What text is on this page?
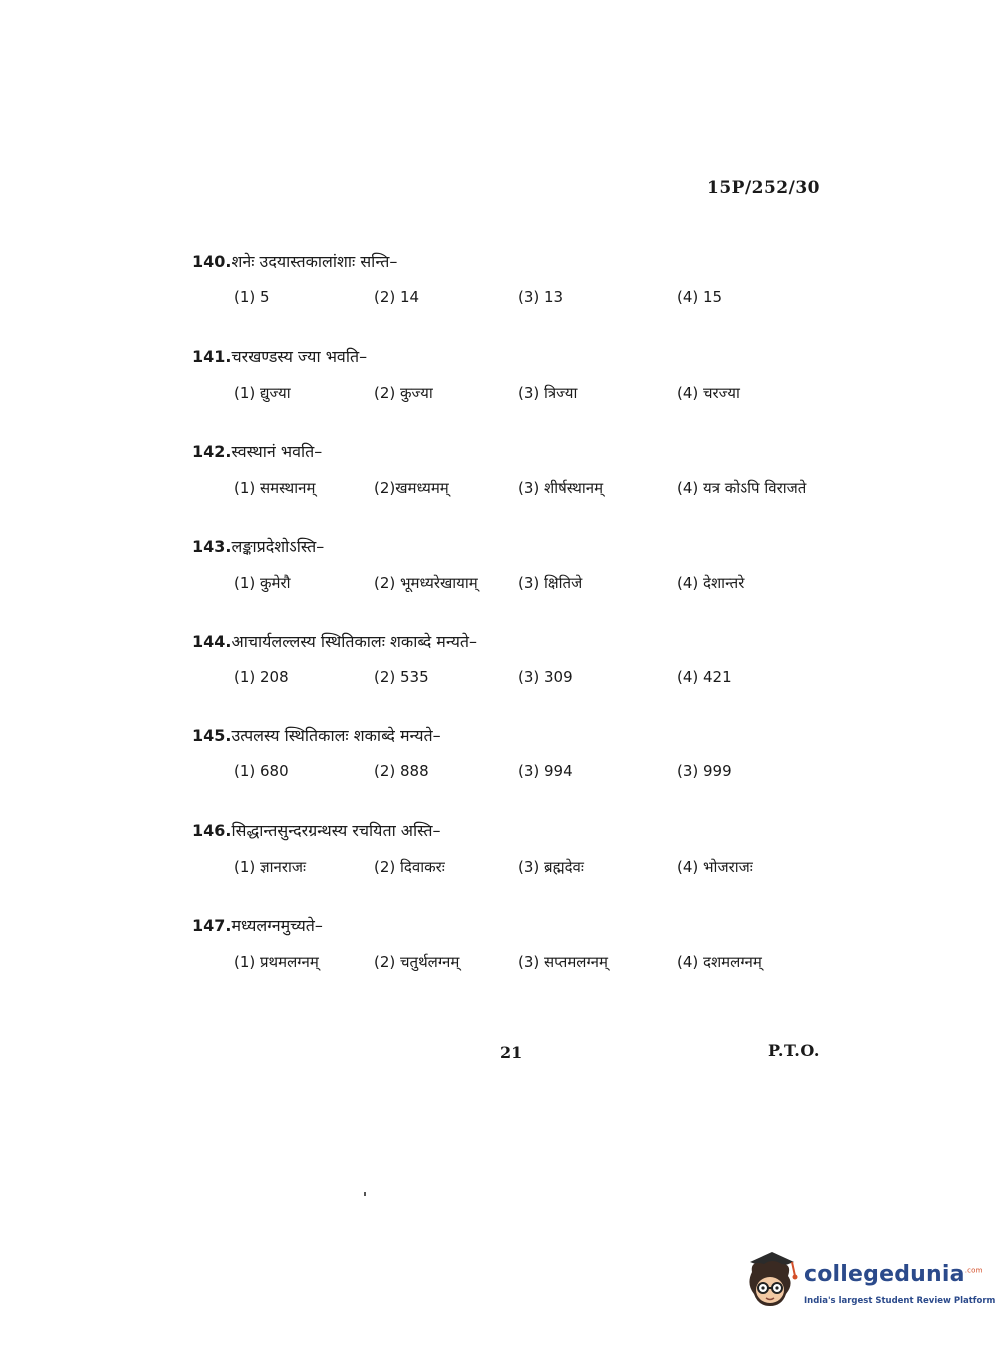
15P/252/30
140.शनेः उदयास्तकालांशाः सन्ति–
(1) 5	(2) 14	(3) 13	(4) 15
141.चरखण्डस्य ज्या भवति–
(1) द्युज्या	(2) कुज्या	(3) त्रिज्या	(4) चरज्या
142.स्वस्थानं भवति–
(1) समस्थानम्	(2)खमध्यमम्	(3) शीर्षस्थानम्	(4) यत्र कोऽपि विराजते
143.लङ्काप्रदेशोऽस्ति–
(1) कुमेरौ	(2) भूमध्यरेखायाम्	(3) क्षितिजे	(4) देशान्तरे
144.आचार्यलल्लस्य स्थितिकालः शकाब्दे मन्यते–
(1) 208	(2) 535	(3) 309	(4) 421
145.उत्पलस्य स्थितिकालः शकाब्दे मन्यते–
(1) 680	(2) 888	(3) 994	(3) 999
146.सिद्धान्तसुन्दरग्रन्थस्य रचयिता अस्ति–
(1) ज्ञानराजः	(2) दिवाकरः	(3) ब्रह्मदेवः	(4) भोजराजः
147.मध्यलग्नमुच्यते–
(1) प्रथमलग्नम्	(2) चतुर्थलग्नम्	(3) सप्तमलग्नम्	(4) दशमलग्नम्
21	P.T.O.
collegedunia$^{.com}$
India's largest Student Review Platform
